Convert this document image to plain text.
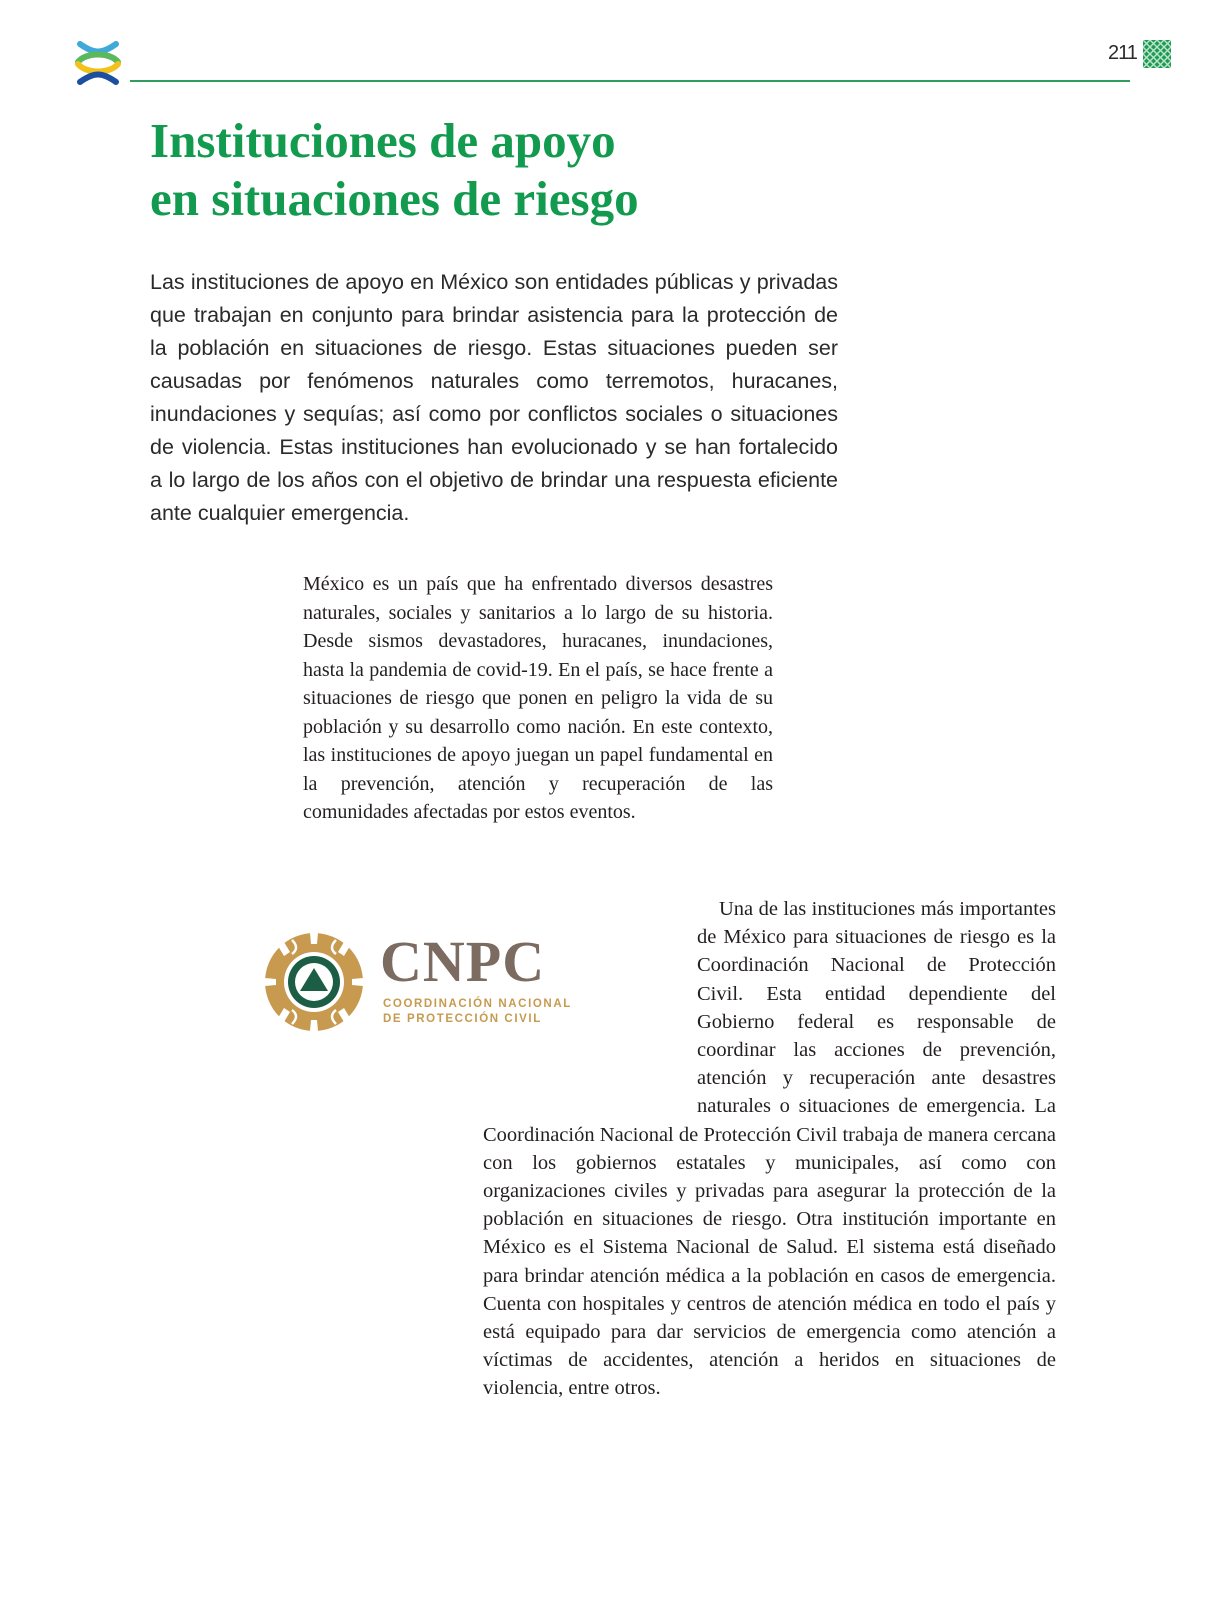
211
Instituciones de apoyo
en situaciones de riesgo

Las instituciones de apoyo en México son entidades públicas y privadas que trabajan en conjunto para brindar asistencia para la protección de la población en situaciones de riesgo. Estas situaciones pueden ser causadas por fenómenos naturales como terremotos, huracanes, inundaciones y sequías; así como por conflictos sociales o situaciones de violencia. Estas instituciones han evolucionado y se han fortalecido a lo largo de los años con el objetivo de brindar una respuesta eficiente ante cualquier emergencia.

México es un país que ha enfrentado diversos desastres naturales, sociales y sanitarios a lo largo de su historia. Desde sismos devastadores, huracanes, inundaciones, hasta la pandemia de covid-19. En el país, se hace frente a situaciones de riesgo que ponen en peligro la vida de su población y su desarrollo como nación. En este contexto, las instituciones de apoyo juegan un papel fundamental en la prevención, atención y recuperación de las comunidades afectadas por estos eventos.

CNPC
COORDINACIÓN NACIONAL
DE PROTECCIÓN CIVIL
Una de las instituciones más importantes de México para situaciones de riesgo es la Coordinación Nacional de Protección Civil. Esta entidad dependiente del Gobierno federal es responsable de coordinar las acciones de prevención, atención y recuperación ante desastres naturales o situaciones de emergencia. La Coordinación Nacional de Protección Civil trabaja de manera cercana con los gobiernos estatales y municipales, así como con organizaciones civiles y privadas para asegurar la protección de la población en situaciones de riesgo. Otra institución importante en México es el Sistema Nacional de Salud. El sistema está diseñado para brindar atención médica a la población en casos de emergencia. Cuenta con hospitales y centros de atención médica en todo el país y está equipado para dar servicios de emergencia como atención a víctimas de accidentes, atención a heridos en situaciones de violencia, entre otros.
